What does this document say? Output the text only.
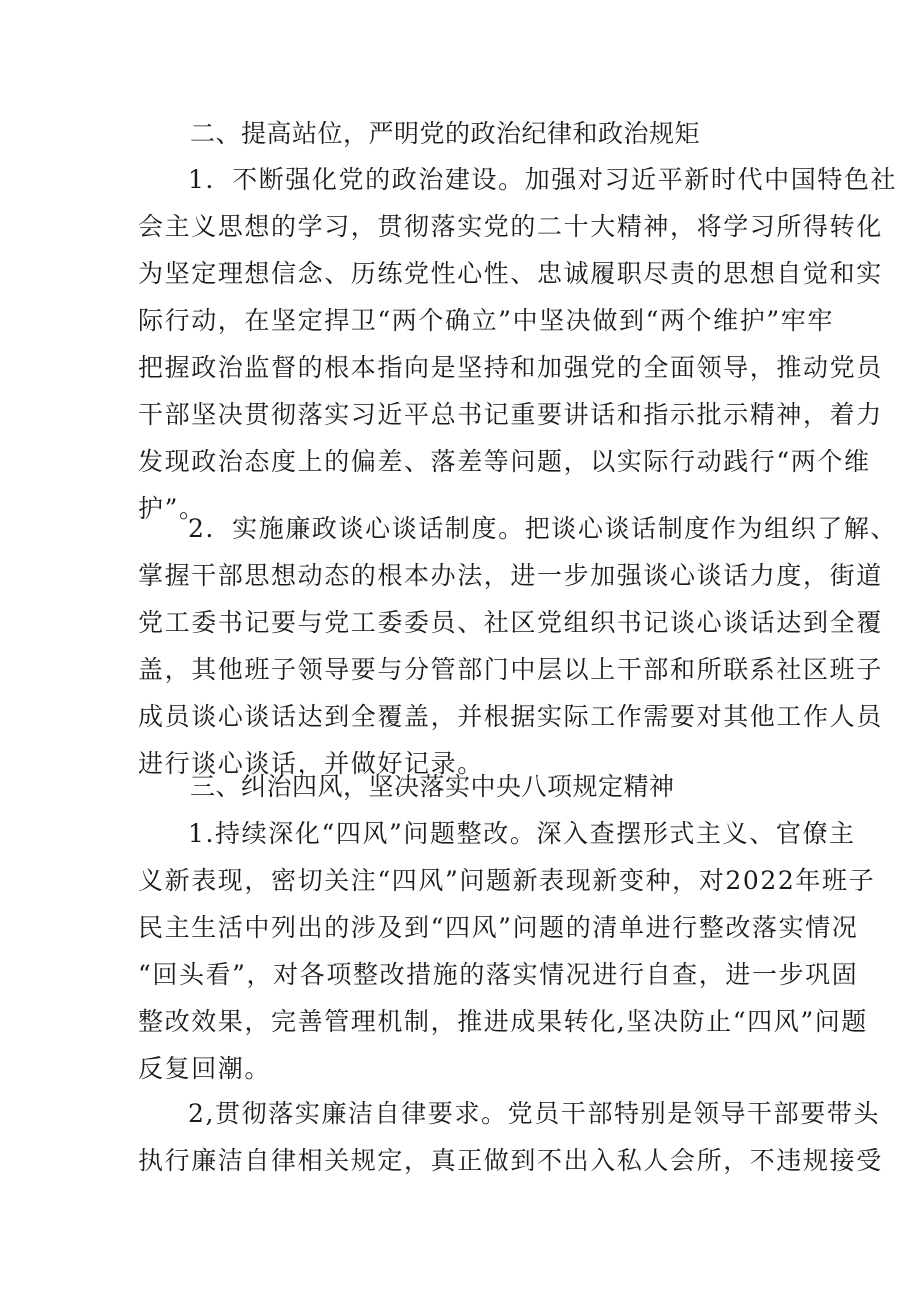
二、提高站位，严明党的政治纪律和政治规矩
1．不断强化党的政治建设。加强对习近平新时代中国特色社
会主义思想的学习，贯彻落实党的二十大精神，将学习所得转化
为坚定理想信念、历练党性心性、忠诚履职尽责的思想自觉和实
际行动，在坚定捍卫“两个确立”中坚决做到“两个维护”牢牢
把握政治监督的根本指向是坚持和加强党的全面领导，推动党员
干部坚决贯彻落实习近平总书记重要讲话和指示批示精神，着力
发现政治态度上的偏差、落差等问题，以实际行动践行“两个维
护”。
2．实施廉政谈心谈话制度。把谈心谈话制度作为组织了解、
掌握干部思想动态的根本办法，进一步加强谈心谈话力度，街道
党工委书记要与党工委委员、社区党组织书记谈心谈话达到全覆
盖，其他班子领导要与分管部门中层以上干部和所联系社区班子
成员谈心谈话达到全覆盖，并根据实际工作需要对其他工作人员
进行谈心谈话，并做好记录。
三、纠治四风，坚决落实中央八项规定精神
1.持续深化“四风”问题整改。深入查摆形式主义、官僚主
义新表现，密切关注“四风”问题新表现新变种，对2022年班子
民主生活中列出的涉及到“四风”问题的清单进行整改落实情况
“回头看”，对各项整改措施的落实情况进行自查，进一步巩固
整改效果，完善管理机制，推进成果转化,坚决防止“四风”问题
反复回潮。
2,贯彻落实廉洁自律要求。党员干部特别是领导干部要带头
执行廉洁自律相关规定，真正做到不出入私人会所，不违规接受
